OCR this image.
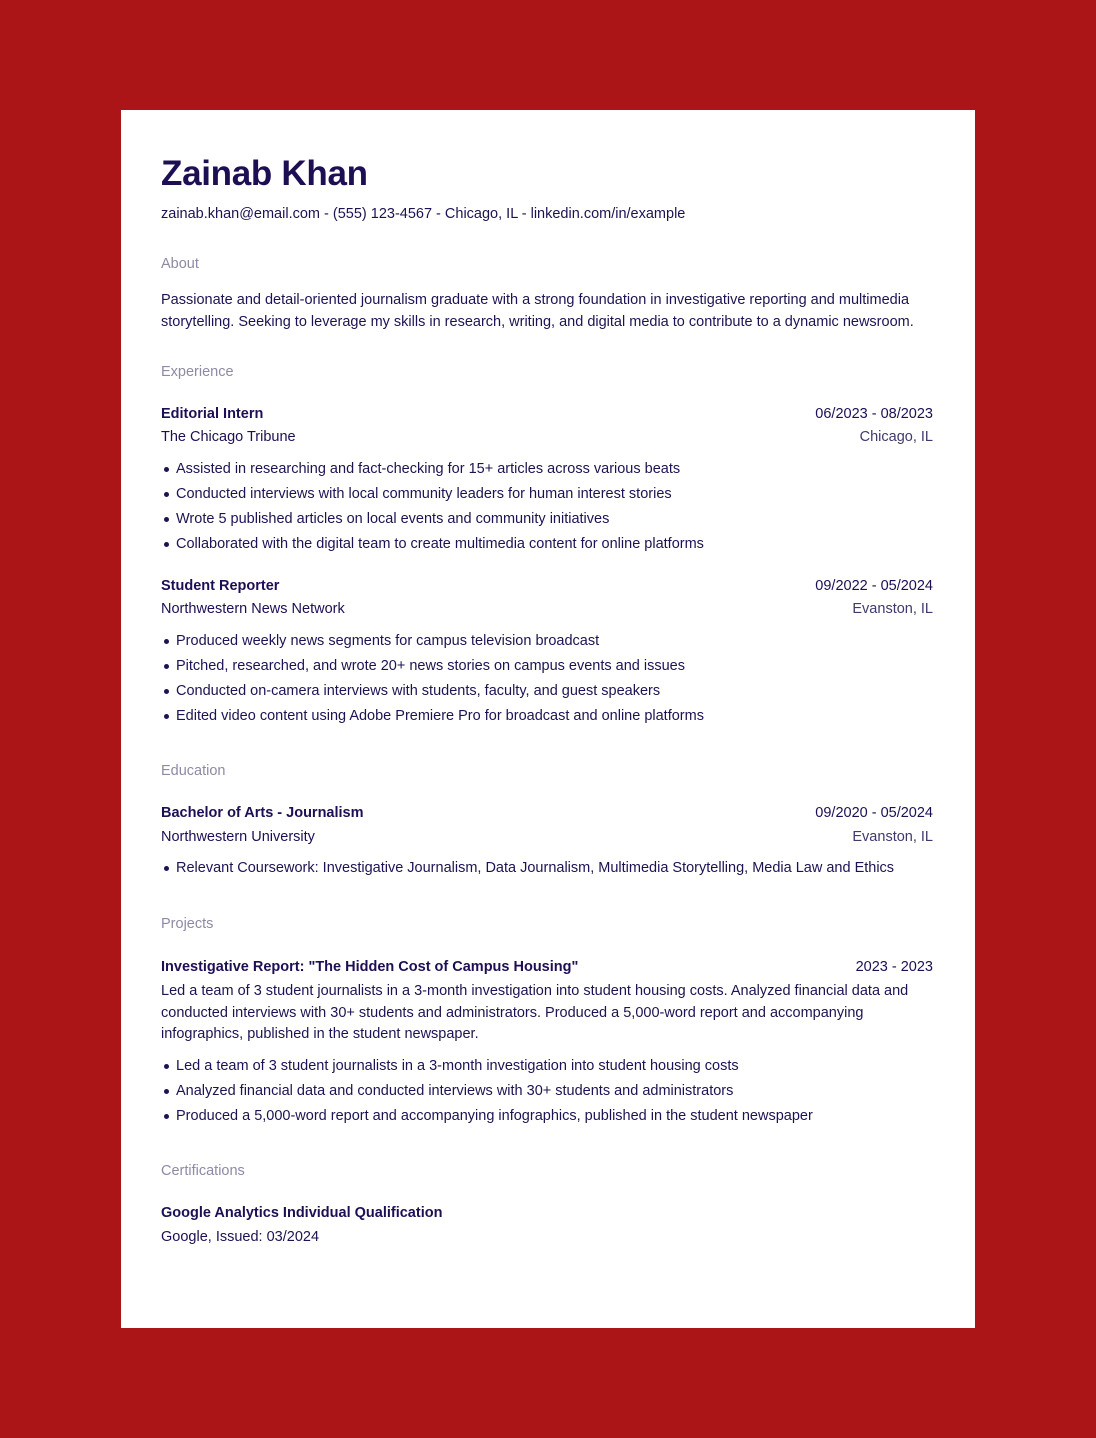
Zainab Khan
zainab.khan@email.com - (555) 123-4567 - Chicago, IL - linkedin.com/in/example
About
Passionate and detail-oriented journalism graduate with a strong foundation in investigative reporting and multimedia storytelling. Seeking to leverage my skills in research, writing, and digital media to contribute to a dynamic newsroom.
Experience
Editorial Intern	06/2023 - 08/2023
The Chicago Tribune	Chicago, IL
Assisted in researching and fact-checking for 15+ articles across various beats
Conducted interviews with local community leaders for human interest stories
Wrote 5 published articles on local events and community initiatives
Collaborated with the digital team to create multimedia content for online platforms
Student Reporter	09/2022 - 05/2024
Northwestern News Network	Evanston, IL
Produced weekly news segments for campus television broadcast
Pitched, researched, and wrote 20+ news stories on campus events and issues
Conducted on-camera interviews with students, faculty, and guest speakers
Edited video content using Adobe Premiere Pro for broadcast and online platforms
Education
Bachelor of Arts - Journalism	09/2020 - 05/2024
Northwestern University	Evanston, IL
Relevant Coursework: Investigative Journalism, Data Journalism, Multimedia Storytelling, Media Law and Ethics
Projects
Investigative Report: "The Hidden Cost of Campus Housing"	2023 - 2023
Led a team of 3 student journalists in a 3-month investigation into student housing costs. Analyzed financial data and conducted interviews with 30+ students and administrators. Produced a 5,000-word report and accompanying infographics, published in the student newspaper.
Led a team of 3 student journalists in a 3-month investigation into student housing costs
Analyzed financial data and conducted interviews with 30+ students and administrators
Produced a 5,000-word report and accompanying infographics, published in the student newspaper
Certifications
Google Analytics Individual Qualification
Google, Issued: 03/2024
